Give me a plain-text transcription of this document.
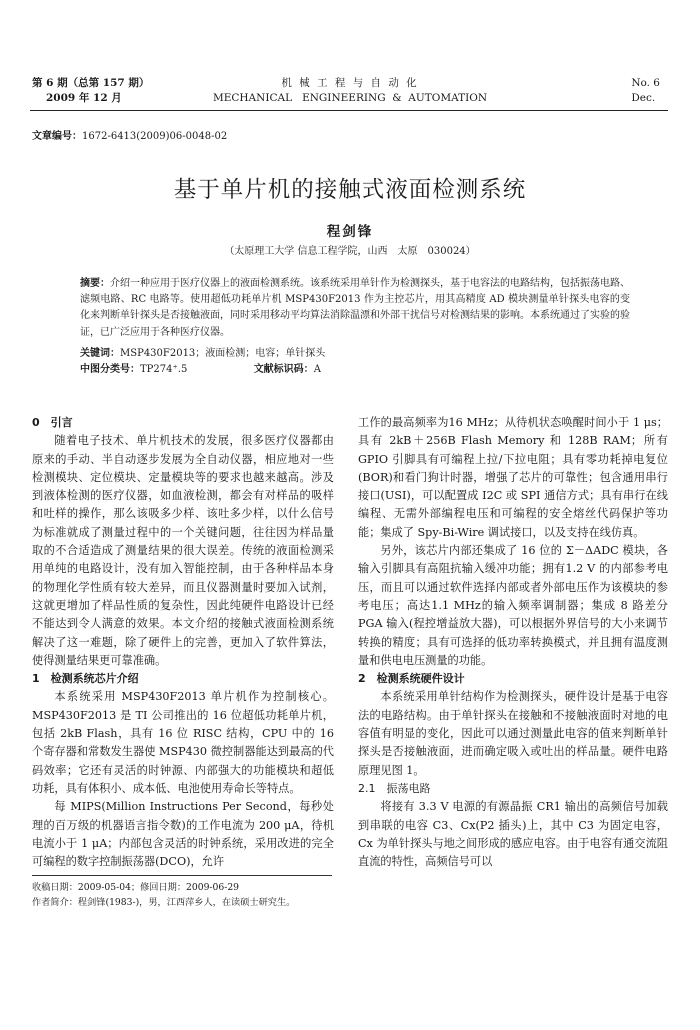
第 6 期（总第 157 期）
2009 年 12 月
机 械 工 程 与 自 动 化
MECHANICAL   ENGINEERING  &  AUTOMATION
No. 6
Dec.
文章编号：1672-6413(2009)06-0048-02
基于单片机的接触式液面检测系统
程剑锋
（太原理工大学 信息工程学院，山西　太原　030024）
摘要：介绍一种应用于医疗仪器上的液面检测系统。该系统采用单针作为检测探头，基于电容法的电路结构，包括振荡电路、滤频电路、RC 电路等。使用超低功耗单片机 MSP430F2013 作为主控芯片，用其高精度 AD 模块测量单针探头电容的变化来判断单针探头是否接触液面，同时采用移动平均算法消除温漂和外部干扰信号对检测结果的影响。本系统通过了实验的验证，已广泛应用于各种医疗仪器。
关键词：MSP430F2013；液面检测；电容；单针探头
中图分类号：TP274⁺.5	文献标识码：A

0　引言

随着电子技术、单片机技术的发展，很多医疗仪器都由原来的手动、半自动逐步发展为全自动仪器，相应地对一些检测模块、定位模块、定量模块等的要求也越来越高。涉及到液体检测的医疗仪器，如血液检测，都会有对样品的吸样和吐样的操作，那么该吸多少样、该吐多少样，以什么信号为标准就成了测量过程中的一个关键问题，往往因为样品量取的不合适造成了测量结果的很大误差。传统的液面检测采用单纯的电路设计，没有加入智能控制，由于各种样品本身的物理化学性质有较大差异，而且仪器测量时要加入试剂，这就更增加了样品性质的复杂性，因此纯硬件电路设计已经不能达到令人满意的效果。本文介绍的接触式液面检测系统解决了这一难题，除了硬件上的完善，更加入了软件算法，使得测量结果更可靠准确。

1　检测系统芯片介绍

本系统采用 MSP430F2013 单片机作为控制核心。MSP430F2013 是 TI 公司推出的 16 位超低功耗单片机，包括 2kB Flash，具有 16 位 RISC 结构，CPU 中的 16 个寄存器和常数发生器使 MSP430 微控制器能达到最高的代码效率；它还有灵活的时钟源、内部强大的功能模块和超低功耗，具有体积小、成本低、电池使用寿命长等特点。

每 MIPS(Million Instructions Per Second，每秒处理的百万级的机器语言指令数)的工作电流为 200 μA，待机电流小于 1 μA；内部包含灵活的时钟系统，采用改进的完全可编程的数字控制振荡器(DCO)，允许

工作的最高频率为16 MHz；从待机状态唤醒时间小于 1 μs；具有 2kB＋256B Flash Memory 和 128B RAM；所有 GPIO 引脚具有可编程上拉/下拉电阻；具有零功耗掉电复位(BOR)和看门狗计时器，增强了芯片的可靠性；包含通用串行接口(USI)，可以配置成 I2C 或 SPI 通信方式；具有串行在线编程、无需外部编程电压和可编程的安全熔丝代码保护等功能；集成了 Spy-Bi-Wire 调试接口，以及支持在线仿真。

另外，该芯片内部还集成了 16 位的 Σ－ΔADC 模块，各输入引脚具有高阻抗输入缓冲功能；拥有1.2 V 的内部参考电压，而且可以通过软件选择内部或者外部电压作为该模块的参考电压；高达1.1 MHz的输入频率调制器；集成 8 路差分 PGA 输入(程控增益放大器)，可以根据外界信号的大小来调节转换的精度；具有可选择的低功率转换模式，并且拥有温度测量和供电电压测量的功能。

2　检测系统硬件设计

本系统采用单针结构作为检测探头，硬件设计是基于电容法的电路结构。由于单针探头在接触和不接触液面时对地的电容值有明显的变化，因此可以通过测量此电容的值来判断单针探头是否接触液面，进而确定吸入或吐出的样品量。硬件电路原理见图 1。

2.1　振荡电路

将接有 3.3 V 电源的有源晶振 CR1 输出的高频信号加载到串联的电容 C3、Cx(P2 插头)上，其中 C3 为固定电容，Cx 为单针探头与地之间形成的感应电容。由于电容有通交流阻直流的特性，高频信号可以

收稿日期：2009-05-04；修回日期：2009-06-29
作者简介：程剑锋(1983-)，男，江西萍乡人，在读硕士研究生。
